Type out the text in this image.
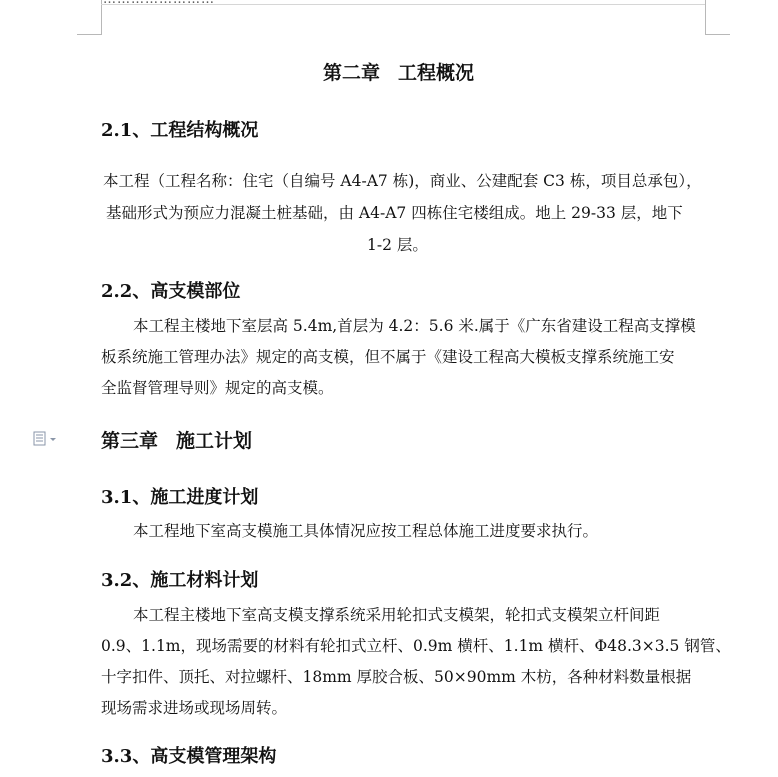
第二章 工程概况
2.1、工程结构概况
本工程（工程名称：住宅（自编号 A4-A7 栋)，商业、公建配套 C3 栋，项目总承包），
基础形式为预应力混凝土桩基础，由 A4-A7 四栋住宅楼组成。地上 29-33 层，地下
1-2 层。
2.2、高支模部位
本工程主楼地下室层高 5.4m,首层为 4.2：5.6 米.属于《广东省建设工程高支撑模
板系统施工管理办法》规定的高支模，但不属于《建设工程高大模板支撑系统施工安
全监督管理导则》规定的高支模。
第三章 施工计划
3.1、施工进度计划
本工程地下室高支模施工具体情况应按工程总体施工进度要求执行。
3.2、施工材料计划
本工程主楼地下室高支模支撑系统采用轮扣式支模架，轮扣式支模架立杆间距
0.9、1.1m，现场需要的材料有轮扣式立杆、0.9m 横杆、1.1m 横杆、Φ48.3×3.5 钢管、
十字扣件、顶托、对拉螺杆、18mm 厚胶合板、50×90mm 木枋，各种材料数量根据
现场需求进场或现场周转。
3.3、高支模管理架构
